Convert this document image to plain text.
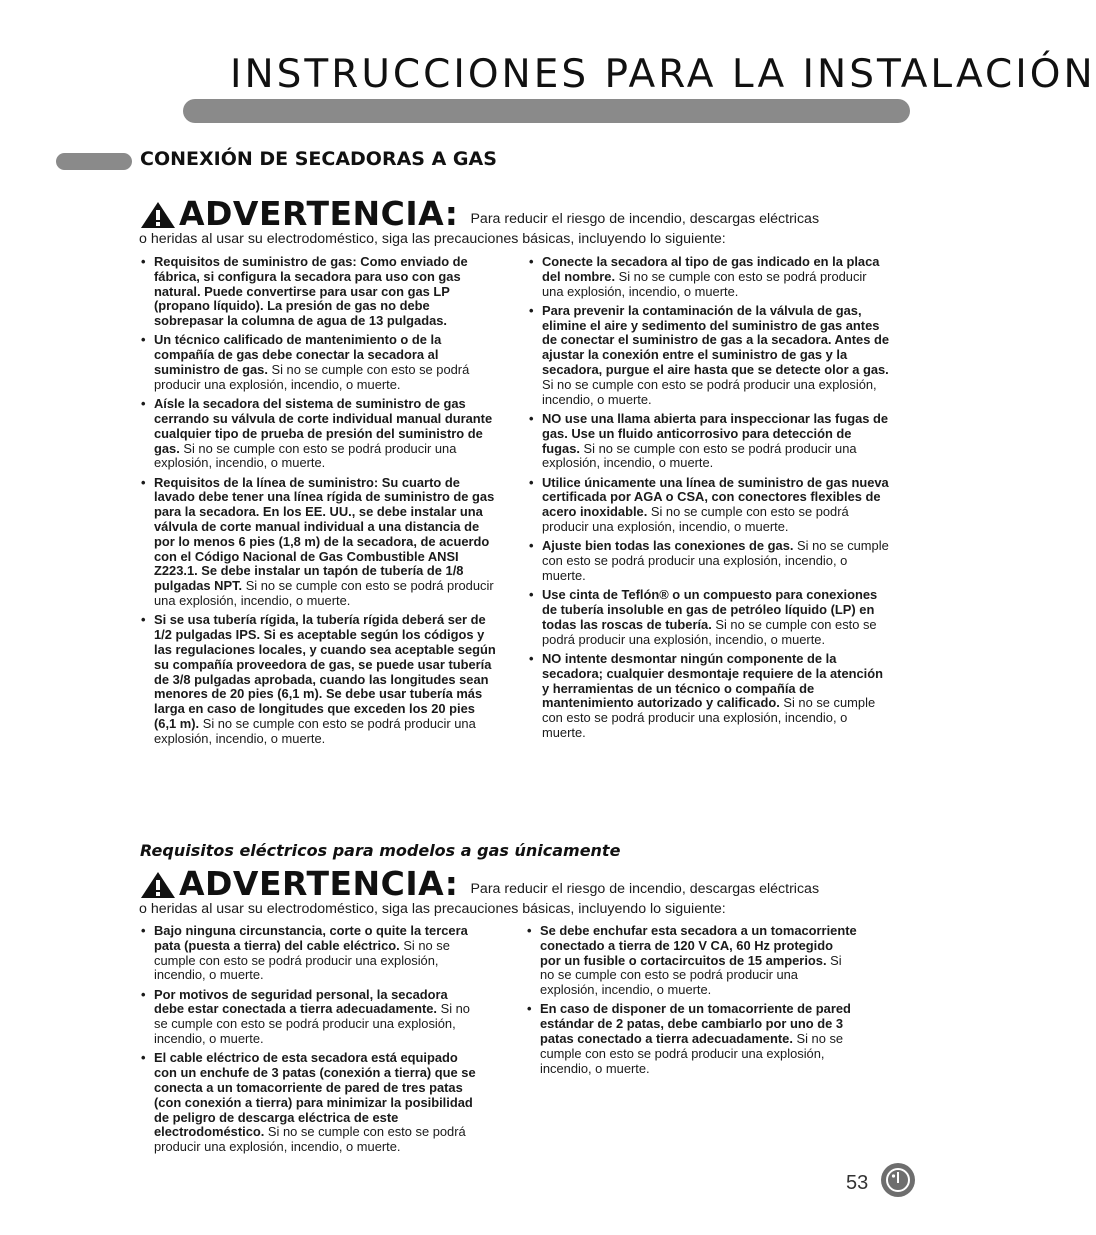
INSTRUCCIONES PARA LA INSTALACIÓN
CONEXIÓN DE SECADORAS A GAS
ADVERTENCIA: Para reducir el riesgo de incendio, descargas eléctricas
o heridas al usar su electrodoméstico, siga las precauciones básicas, incluyendo lo siguiente:
• Requisitos de suministro de gas: Como enviado de fábrica, si configura la secadora para uso con gas natural. Puede convertirse para usar con gas LP (propano líquido). La presión de gas no debe sobrepasar la columna de agua de 13 pulgadas.
• Un técnico calificado de mantenimiento o de la compañía de gas debe conectar la secadora al suministro de gas. Si no se cumple con esto se podrá producir una explosión, incendio, o muerte.
• Aísle la secadora del sistema de suministro de gas cerrando su válvula de corte individual manual durante cualquier tipo de prueba de presión del suministro de gas. Si no se cumple con esto se podrá producir una explosión, incendio, o muerte.
• Requisitos de la línea de suministro: Su cuarto de lavado debe tener una línea rígida de suministro de gas para la secadora. En los EE. UU., se debe instalar una válvula de corte manual individual a una distancia de por lo menos 6 pies (1,8 m) de la secadora, de acuerdo con el Código Nacional de Gas Combustible ANSI Z223.1. Se debe instalar un tapón de tubería de 1/8 pulgadas NPT. Si no se cumple con esto se podrá producir una explosión, incendio, o muerte.
• Si se usa tubería rígida, la tubería rígida deberá ser de 1/2 pulgadas IPS. Si es aceptable según los códigos y las regulaciones locales, y cuando sea aceptable según su compañía proveedora de gas, se puede usar tubería de 3/8 pulgadas aprobada, cuando las longitudes sean menores de 20 pies (6,1 m). Se debe usar tubería más larga en caso de longitudes que exceden los 20 pies (6,1 m). Si no se cumple con esto se podrá producir una explosión, incendio, o muerte.
• Conecte la secadora al tipo de gas indicado en la placa del nombre. Si no se cumple con esto se podrá producir una explosión, incendio, o muerte.
• Para prevenir la contaminación de la válvula de gas, elimine el aire y sedimento del suministro de gas antes de conectar el suministro de gas a la secadora. Antes de ajustar la conexión entre el suministro de gas y la secadora, purgue el aire hasta que se detecte olor a gas. Si no se cumple con esto se podrá producir una explosión, incendio, o muerte.
• NO use una llama abierta para inspeccionar las fugas de gas. Use un fluido anticorrosivo para detección de fugas. Si no se cumple con esto se podrá producir una explosión, incendio, o muerte.
• Utilice únicamente una línea de suministro de gas nueva certificada por AGA o CSA, con conectores flexibles de acero inoxidable. Si no se cumple con esto se podrá producir una explosión, incendio, o muerte.
• Ajuste bien todas las conexiones de gas. Si no se cumple con esto se podrá producir una explosión, incendio, o muerte.
• Use cinta de Teflón® o un compuesto para conexiones de tubería insoluble en gas de petróleo líquido (LP) en todas las roscas de tubería. Si no se cumple con esto se podrá producir una explosión, incendio, o muerte.
• NO intente desmontar ningún componente de la secadora; cualquier desmontaje requiere de la atención y herramientas de un técnico o compañía de mantenimiento autorizado y calificado. Si no se cumple con esto se podrá producir una explosión, incendio, o muerte.
Requisitos eléctricos para modelos a gas únicamente
ADVERTENCIA: Para reducir el riesgo de incendio, descargas eléctricas
o heridas al usar su electrodoméstico, siga las precauciones básicas, incluyendo lo siguiente:
• Bajo ninguna circunstancia, corte o quite la tercera pata (puesta a tierra) del cable eléctrico. Si no se cumple con esto se podrá producir una explosión, incendio, o muerte.
• Por motivos de seguridad personal, la secadora debe estar conectada a tierra adecuadamente. Si no se cumple con esto se podrá producir una explosión, incendio, o muerte.
• El cable eléctrico de esta secadora está equipado con un enchufe de 3 patas (conexión a tierra) que se conecta a un tomacorriente de pared de tres patas (con conexión a tierra) para minimizar la posibilidad de peligro de descarga eléctrica de este electrodoméstico. Si no se cumple con esto se podrá producir una explosión, incendio, o muerte.
• Se debe enchufar esta secadora a un tomacorriente conectado a tierra de 120 V CA, 60 Hz protegido por un fusible o cortacircuitos de 15 amperios. Si no se cumple con esto se podrá producir una explosión, incendio, o muerte.
• En caso de disponer de un tomacorriente de pared estándar de 2 patas, debe cambiarlo por uno de 3 patas conectado a tierra adecuadamente. Si no se cumple con esto se podrá producir una explosión, incendio, o muerte.
53
